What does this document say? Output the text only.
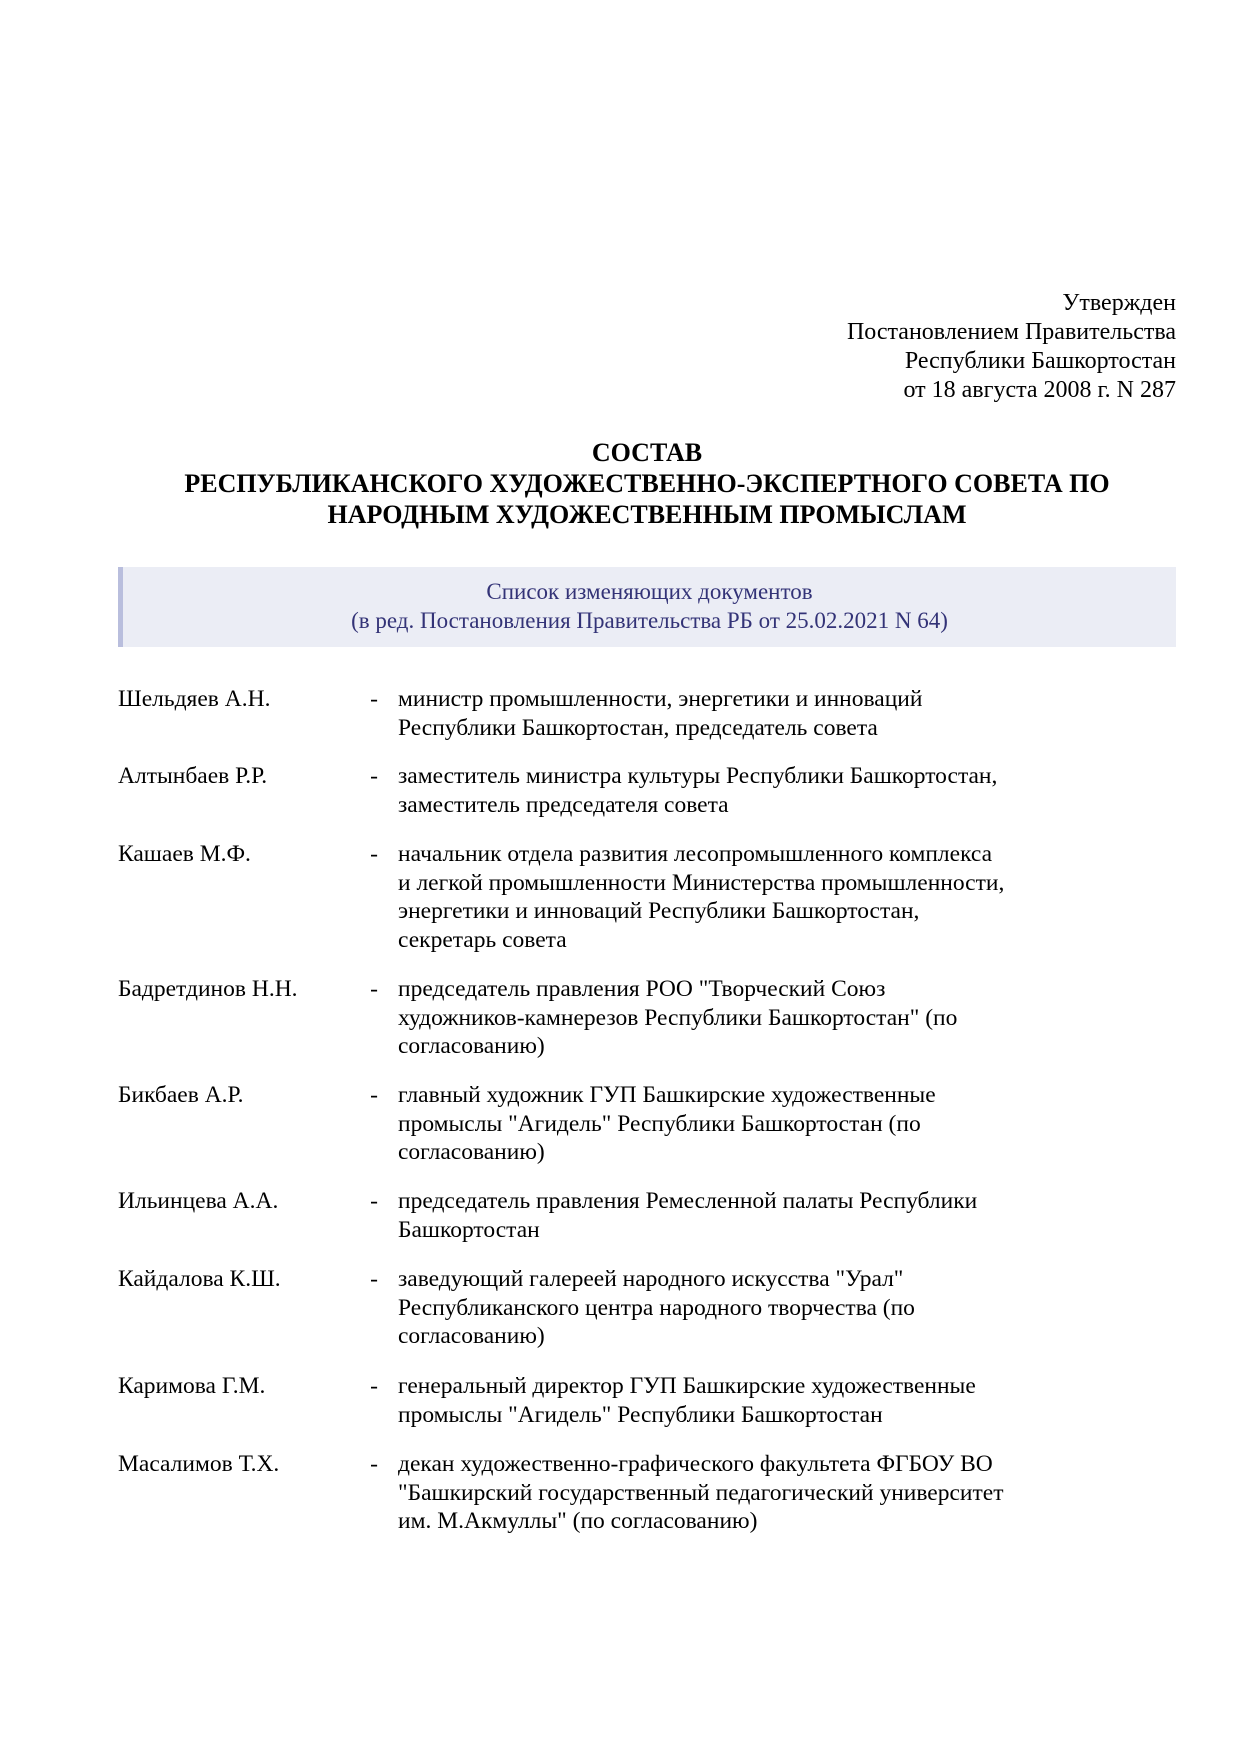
Утвержден
Постановлением Правительства
Республики Башкортостан
от 18 августа 2008 г. N 287
СОСТАВ
РЕСПУБЛИКАНСКОГО ХУДОЖЕСТВЕННО-ЭКСПЕРТНОГО СОВЕТА ПО
НАРОДНЫМ ХУДОЖЕСТВЕННЫМ ПРОМЫСЛАМ
Список изменяющих документов
(в ред. Постановления Правительства РБ от 25.02.2021 N 64)
Шельдяев А.Н.	- министр промышленности, энергетики и инноваций
Республики Башкортостан, председатель совета
Алтынбаев Р.Р.	- заместитель министра культуры Республики Башкортостан,
заместитель председателя совета
Кашаев М.Ф.	- начальник отдела развития лесопромышленного комплекса
и легкой промышленности Министерства промышленности,
энергетики и инноваций Республики Башкортостан,
секретарь совета
Бадретдинов Н.Н.	- председатель правления РОО "Творческий Союз
художников-камнерезов Республики Башкортостан" (по
согласованию)
Бикбаев А.Р.	- главный художник ГУП Башкирские художественные
промыслы "Агидель" Республики Башкортостан (по
согласованию)
Ильинцева А.А.	- председатель правления Ремесленной палаты Республики
Башкортостан
Кайдалова К.Ш.	- заведующий галереей народного искусства "Урал"
Республиканского центра народного творчества (по
согласованию)
Каримова Г.М.	- генеральный директор ГУП Башкирские художественные
промыслы "Агидель" Республики Башкортостан
Масалимов Т.Х.	- декан художественно-графического факультета ФГБОУ ВО
"Башкирский государственный педагогический университет
им. М.Акмуллы" (по согласованию)
